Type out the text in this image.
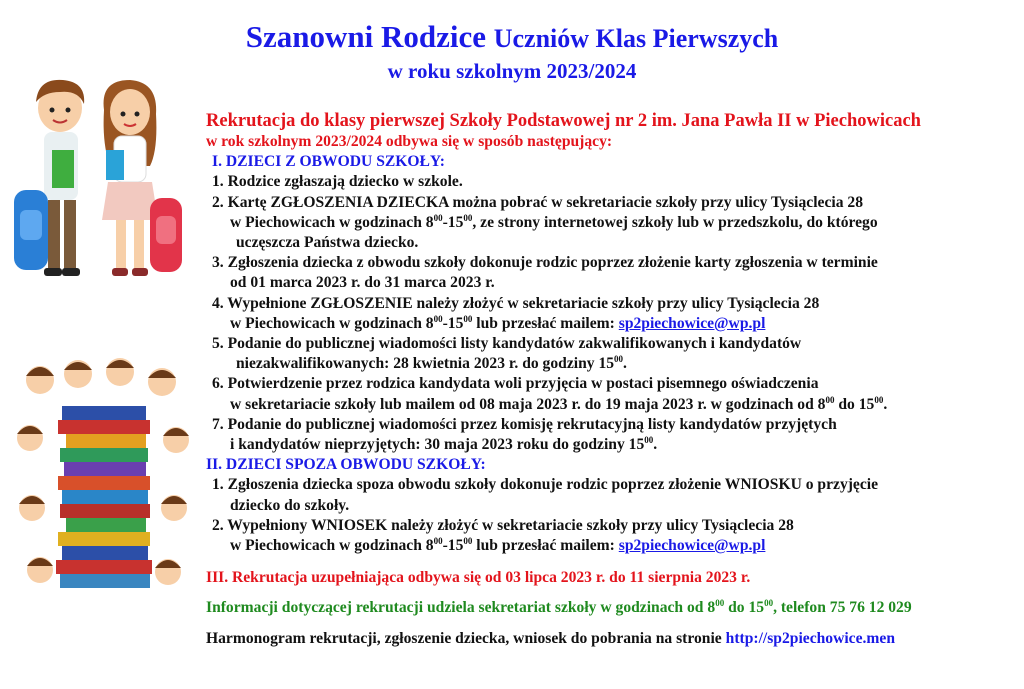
Szanowni Rodzice Uczniów Klas Pierwszych
w roku szkolnym 2023/2024
Rekrutacja do klasy pierwszej Szkoły Podstawowej nr 2 im. Jana Pawła II w Piechowicach
w rok szkolnym 2023/2024 odbywa się w sposób następujący:
I. DZIECI Z OBWODU SZKOŁY:
1. Rodzice zgłaszają dziecko w szkole.
2. Kartę ZGŁOSZENIA DZIECKA można pobrać w sekretariacie szkoły przy ulicy Tysiąclecia 28
w Piechowicach w godzinach $8^{00}-15^{00}$, ze strony internetowej szkoły lub w przedszkolu, do którego
uczęszcza Państwa dziecko.
3. Zgłoszenia dziecka z obwodu szkoły dokonuje rodzic poprzez złożenie karty zgłoszenia w terminie
od 01 marca 2023 r. do 31 marca 2023 r.
4. Wypełnione ZGŁOSZENIE należy złożyć w sekretariacie szkoły przy ulicy Tysiąclecia 28
w Piechowicach w godzinach $8^{00}-15^{00}$ lub przesłać mailem: sp2piechowice@wp.pl
5. Podanie do publicznej wiadomości listy kandydatów zakwalifikowanych i kandydatów
niezakwalifikowanych: 28 kwietnia 2023 r. do godziny $15^{00}$.
6. Potwierdzenie przez rodzica kandydata woli przyjęcia w postaci pisemnego oświadczenia
w sekretariacie szkoły lub mailem od 08 maja 2023 r. do 19 maja 2023 r. w godzinach od $8^{00}$ do $15^{00}$.
7. Podanie do publicznej wiadomości przez komisję rekrutacyjną listy kandydatów przyjętych
i kandydatów nieprzyjętych: 30 maja 2023 roku do godziny $15^{00}$.
II. DZIECI SPOZA OBWODU SZKOŁY:
1. Zgłoszenia dziecka spoza obwodu szkoły dokonuje rodzic poprzez złożenie WNIOSKU o przyjęcie
dziecko do szkoły.
2. Wypełniony WNIOSEK należy złożyć w sekretariacie szkoły przy ulicy Tysiąclecia 28
w Piechowicach w godzinach $8^{00}-15^{00}$ lub przesłać mailem: sp2piechowice@wp.pl
III. Rekrutacja uzupełniająca odbywa się od 03 lipca 2023 r. do 11 sierpnia 2023 r.
Informacji dotyczącej rekrutacji udziela sekretariat szkoły w godzinach od $8^{00}$ do $15^{00}$, telefon 75 76 12 029
Harmonogram rekrutacji, zgłoszenie dziecka, wniosek do pobrania na stronie http://sp2piechowice.men
